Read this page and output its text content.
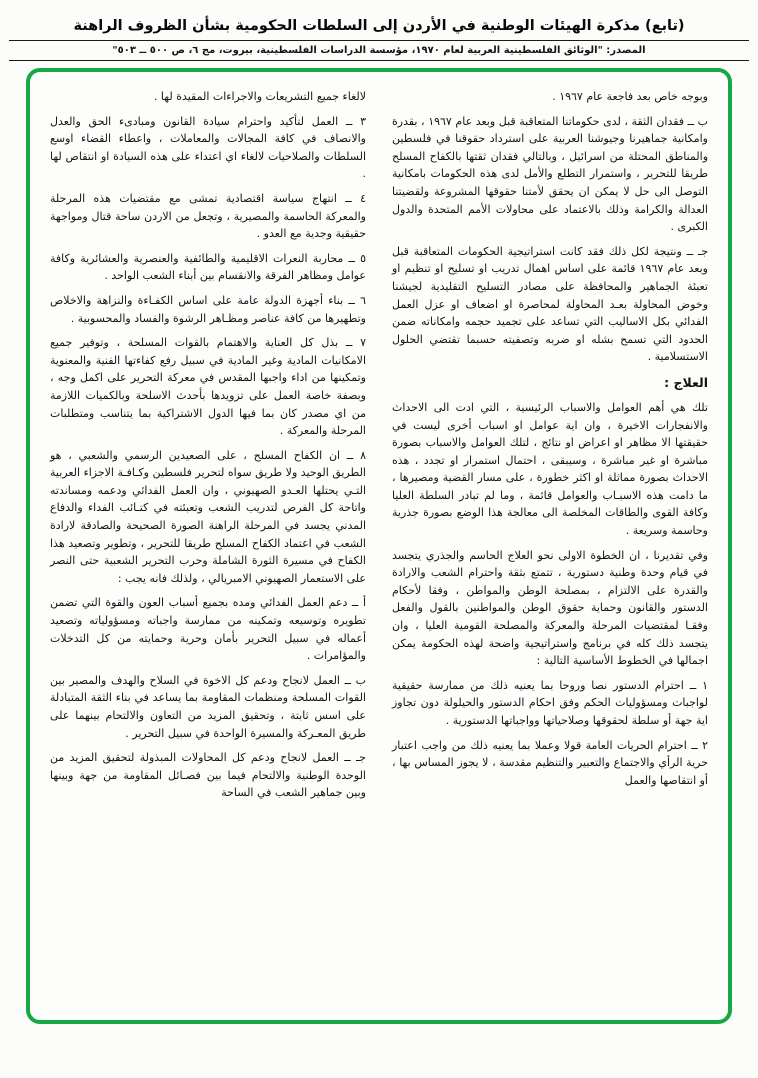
(تابع) مذكرة الهيئات الوطنية في الأردن إلى السلطات الحكومية بشأن الظروف الراهنة
المصدر: "الوثائق الفلسطينية العربية لعام ١٩٧٠، مؤسسة الدراسات الفلسطينية، بيروت، مج ٦، ص ٥٠٠ ــ ٥٠٣"

وبوجه خاص بعد فاجعة عام ١٩٦٧ .

ب ــ فقدان الثقة ، لدى حكوماتنا المتعاقبة قبل وبعد عام ١٩٦٧ ، بقدرة وامكانية جماهيرنا وجيوشنا العربية على استرداد حقوقنا في فلسطين والمناطق المحتلة من اسرائيل ، وبالتالي فقدان ثقتها بالكفاح المسلح طريقا للتحرير ، واستمرار التطلع والأمل لدى هذه الحكومات بامكانية التوصل الى حل لا يمكن ان يحقق لأمتنا حقوقها المشروعة ولقضيتنا العدالة والكرامة وذلك بالاعتماد على محاولات الأمم المتحدة والدول الكبرى .

جـ ــ ونتيجة لكل ذلك فقد كانت استراتيجية الحكومات المتعاقبة قبل وبعد عام ١٩٦٧ قائمة على اساس اهمال تدريب او تسليح او تنظيم او تعبئة الجماهير والمحافظة على مصادر التسليح التقليدية لجيشنا وخوض المحاولة بعـد المحاولة لمحاصرة او اضعاف او عزل العمل الفدائي بكل الاساليب التي تساعد على تجميد حجمه وامكاناته ضمن الحدود التي تسمح بشله او ضربه وتصفيته حسبما تقتضي الحلول الاستسلامية .

العلاج :

تلك هي أهم العوامل والاسباب الرئيسية ، التي ادت الى الاحداث والانفجارات الاخيرة ، وان اية عوامل او اسباب أخرى ليست في حقيقتها الا مظاهر او اعراض او نتائج ، لتلك العوامل والاسباب بصورة مباشرة او غير مباشرة ، وسيبقى ، احتمال استمرار او تجدد ، هذه الاحداث بصورة مماثلة او اكثر خطورة ، على مسار القضية ومصيرها ، ما دامت هذه الاسبـاب والعوامل قائمة ، وما لم تبادر السلطة العليا وكافة القوى والطاقات المخلصة الى معالجة هذا الوضع بصورة جذرية وحاسمة وسريعة .

وفي تقديرنا ، ان الخطوة الاولى نحو العلاج الحاسم والجذري يتجسد في قيام وحدة وطنية دستورية ، تتمتع بثقة واحترام الشعب والارادة والقدرة على الالتزام ، بمصلحة الوطن والمواطن ، وفقا لأحكام الدستور والقانون وحماية حقوق الوطن والمواطنين بالقول والفعل وفقـا لمقتضيات المرحلة والمعركة والمصلحة القومية العليا ، وان يتجسد ذلك كله في برنامج واستراتيجية واضحة لهذه الحكومة يمكن اجمالها في الخطوط الأساسية التالية :

١ ــ احترام الدستور نصا وروحا بما يعنيه ذلك من ممارسة حقيقية لواجبات ومسؤوليات الحكم وفق احكام الدستور والحيلولة دون تجاوز اية جهة أو سلطة لحقوقها وصلاحياتها وواجباتها الدستورية .

٢ ــ احترام الحريات العامة قولا وعملا بما يعنيه ذلك من واجب اعتبار حرية الرأي والاجتماع والتعبير والتنظيم مقدسة ، لا يجوز المساس بها ، أو انتقاصها والعمل

لالغاء جميع التشريعات والاجراءات المقيدة لها .

٣ ــ العمل لتأكيد واحترام سيادة القانون ومبادىء الحق والعدل والانصاف في كافة المجالات والمعاملات ، واعطاء القضاء اوسع السلطات والصلاحيات لالغاء اي اعتداء على هذه السيادة او انتقاص لها .

٤ ــ انتهاج سياسة اقتصادية تمشى مع مقتضيات هذه المرحلة والمعركة الحاسمة والمصيرية ، وتجعل من الاردن ساحة قتال ومواجهة حقيقية وجدية مع العدو .

٥ ــ محاربة النعرات الاقليمية والطائفية والعنصرية والعشائرية وكافة عوامل ومظاهر الفرقة والانقسام بين أبناء الشعب الواحد .

٦ ــ بناء أجهزة الدولة عامة على اساس الكفـاءة والنزاهة والاخلاص وتطهيرها من كافة عناصر ومظـاهر الرشوة والفساد والمحسوبية .

٧ ــ بذل كل العناية والاهتمام بالقوات المسلحة ، وتوفير جميع الامكانيات المادية وغير المادية في سبيل رفع كفاءتها الفنية والمعنوية وتمكينها من اداء واجبها المقدس في معركة التحرير على اكمل وجه ، وبصفة خاصة العمل على تزويدها بأحدث الاسلحة وبالكميات اللازمة من اي مصدر كان بما فيها الدول الاشتراكية بما يتناسب ومتطلبات المرحلة والمعركة .

٨ ــ ان الكفاح المسلح ، على الصعيدين الرسمي والشعبي ، هو الطريق الوحيد ولا طريق سواه لتحرير فلسطين وكـافـة الاجزاء العربية التـي يحتلها العـدو الصهيوني ، وان العمل الفدائي ودعمه ومساندته واتاحة كل الفرص لتدريب الشعب وتعبئته في كتـائب الفداء والدفاع المدني يجسد في المرحلة الراهنة الصورة الصحيحة والصادقة لارادة الشعب في اعتماد الكفاح المسلح طريقا للتحرير ، وتطوير وتصعيد هذا الكفاح في مسيرة الثورة الشاملة وحرب التحرير الشعبية حتى النصر على الاستعمار الصهيوني الامبريالي ، ولذلك فانه يجب :

أ ــ دعم العمل الفدائي ومده بجميع أسباب العون والقوة التي تضمن تطويره وتوسيعه وتمكينه من ممارسة واجباته ومسؤولياته وتصعيد أعماله في سبيل التحرير بأمان وحرية وحمايته من كل التدخلات والمؤامرات .

ب ــ العمل لانجاح ودعم كل الاخوة في السلاح والهدف والمصير بين القوات المسلحة ومنظمات المقاومة بما يساعد في بناء الثقة المتبادلة على اسس ثابتة ، وتحقيق المزيد من التعاون والالتحام بينهما على طريق المعـركة والمسيرة الواحدة في سبيل التحرير .

جـ ــ العمل لانجاح ودعم كل المحاولات المبذولة لتحقيق المزيد من الوحدة الوطنية والالتحام فيما بين فصـائل المقاومة من جهة وبينها وبين جماهير الشعب في الساحة
